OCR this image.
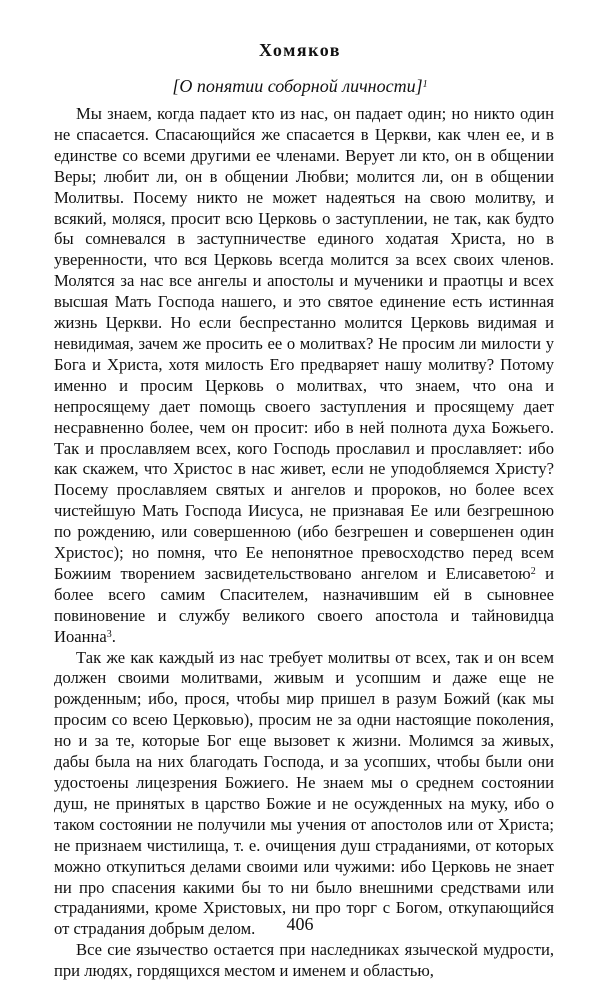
Хомяков
[О понятии соборной личности]$^1$

Мы знаем, когда падает кто из нас, он падает один; но никто один не спасается. Спасающийся же спасается в Церкви, как член ее, и в единстве со всеми другими ее членами. Верует ли кто, он в общении Веры; любит ли, он в общении Любви; молится ли, он в общении Молитвы. Посему никто не может надеяться на свою молитву, и всякий, моляся, просит всю Церковь о заступлении, не так, как будто бы сомневался в заступничестве единого ходатая Христа, но в уверенности, что вся Церковь всегда молится за всех своих членов. Молятся за нас все ангелы и апостолы и мученики и праотцы и всех высшая Мать Господа нашего, и это святое единение есть истинная жизнь Церкви. Но если беспрестанно молится Церковь видимая и невидимая, зачем же просить ее о молитвах? Не просим ли милости у Бога и Христа, хотя милость Его предваряет нашу молитву? Потому именно и просим Церковь о молитвах, что знаем, что она и непросящему дает помощь своего заступления и просящему дает несравненно более, чем он просит: ибо в ней полнота духа Божьего. Так и прославляем всех, кого Господь прославил и прославляет: ибо как скажем, что Христос в нас живет, если не уподобляемся Христу? Посему прославляем святых и ангелов и пророков, но более всех чистейшую Мать Господа Иисуса, не признавая Ее или безгрешною по рождению, или совершенною (ибо безгрешен и совершенен один Христос); но помня, что Ее непонятное превосходство перед всем Божиим творением засвидетельствовано ангелом и Елисаветою$^2$ и более всего самим Спасителем, назначившим ей в сыновнее повиновение и службу великого своего апостола и тайновидца Иоанна$^3$.

Так же как каждый из нас требует молитвы от всех, так и он всем должен своими молитвами, живым и усопшим и даже еще не рожденным; ибо, прося, чтобы мир пришел в разум Божий (как мы просим со всею Церковью), просим не за одни настоящие поколения, но и за те, которые Бог еще вызовет к жизни. Молимся за живых, дабы была на них благодать Господа, и за усопших, чтобы были они удостоены лицезрения Божиего. Не знаем мы о среднем состоянии душ, не принятых в царство Божие и не осужденных на муку, ибо о таком состоянии не получили мы учения от апостолов или от Христа; не признаем чистилища, т. е. очищения душ страданиями, от которых можно откупиться делами своими или чужими: ибо Церковь не знает ни про спасения какими бы то ни было внешними средствами или страданиями, кроме Христовых, ни про торг с Богом, откупающийся от страдания добрым делом.

Все сие язычество остается при наследниках языческой мудрости, при людях, гордящихся местом и именем и областью,

406
